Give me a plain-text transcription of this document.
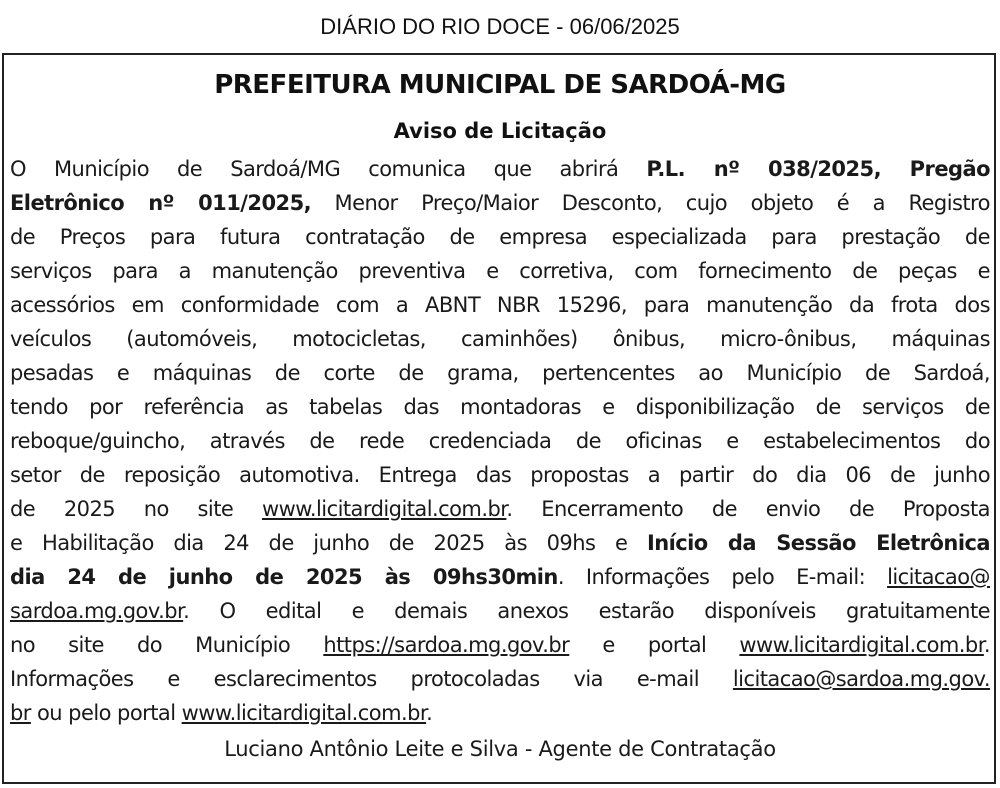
DIÁRIO DO RIO DOCE - 06/06/2025
PREFEITURA MUNICIPAL DE SARDOÁ-MG
Aviso de Licitação
O Município de Sardoá/MG comunica que abrirá P.L. nº 038/2025, Pregão
Eletrônico nº 011/2025, Menor Preço/Maior Desconto, cujo objeto é a Registro
de Preços para futura contratação de empresa especializada para prestação de
serviços para a manutenção preventiva e corretiva, com fornecimento de peças e
acessórios em conformidade com a ABNT NBR 15296, para manutenção da frota dos
veículos (automóveis, motocicletas, caminhões) ônibus, micro-ônibus, máquinas
pesadas e máquinas de corte de grama, pertencentes ao Município de Sardoá,
tendo por referência as tabelas das montadoras e disponibilização de serviços de
reboque/guincho, através de rede credenciada de oficinas e estabelecimentos do
setor de reposição automotiva. Entrega das propostas a partir do dia 06 de junho
de 2025 no site www.licitardigital.com.br. Encerramento de envio de Proposta
e Habilitação dia 24 de junho de 2025 às 09hs e Início da Sessão Eletrônica
dia 24 de junho de 2025 às 09hs30min. Informações pelo E-mail: licitacao@
sardoa.mg.gov.br. O edital e demais anexos estarão disponíveis gratuitamente
no site do Município https://sardoa.mg.gov.br e portal www.licitardigital.com.br.
Informações e esclarecimentos protocoladas via e-mail licitacao@sardoa.mg.gov.
br ou pelo portal www.licitardigital.com.br.
Luciano Antônio Leite e Silva - Agente de Contratação
